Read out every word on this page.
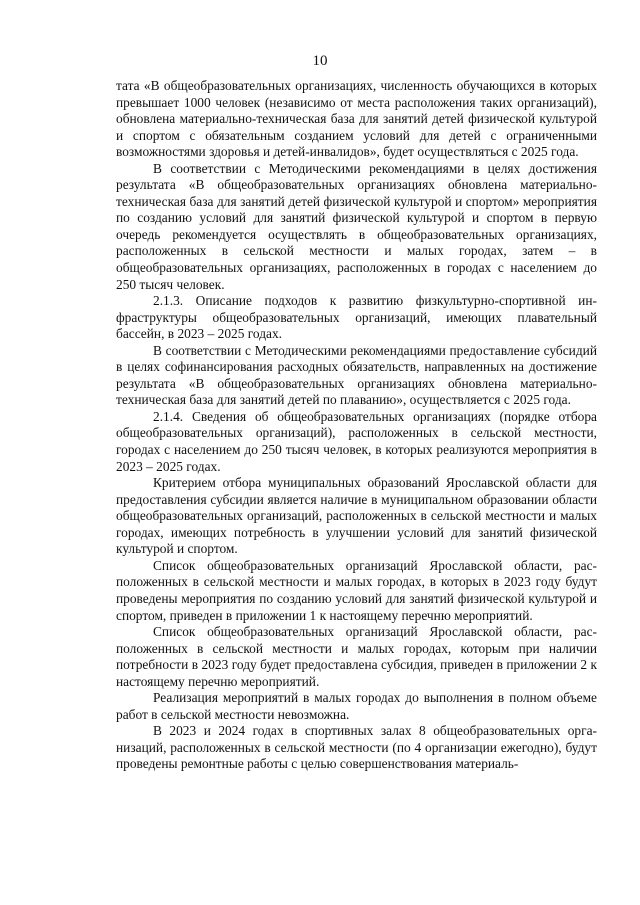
10

тата «В общеобразовательных организациях, численность обучающихся в которых превышает 1000 человек (независимо от места расположения таких организаций), обновлена материально-техническая база для занятий детей физической культурой и спортом с обязательным созданием условий для детей с ограниченными возможностями здоровья и детей-инвалидов», будет осуществляться с 2025 года.

В соответствии с Методическими рекомендациями в целях достижения результата «В общеобразовательных организациях обновлена материально-техническая база для занятий детей физической культурой и спортом» мероприятия по созданию условий для занятий физической культурой и спортом в первую очередь рекомендуется осуществлять в общеобразовательных организациях, расположенных в сельской местности и малых городах, затем – в общеобразовательных организациях, расположенных в городах с населением до 250 тысяч человек.

2.1.3. Описание подходов к развитию физкультурно-спортивной инфраструктуры общеобразовательных организаций, имеющих плавательный бассейн, в 2023 – 2025 годах.

В соответствии с Методическими рекомендациями предоставление субсидий в целях софинансирования расходных обязательств, направленных на достижение результата «В общеобразовательных организациях обновлена материально-техническая база для занятий детей по плаванию», осуществляется с 2025 года.

2.1.4. Сведения об общеобразовательных организациях (порядке отбора общеобразовательных организаций), расположенных в сельской местности, городах с населением до 250 тысяч человек, в которых реализуются мероприятия в 2023 – 2025 годах.

Критерием отбора муниципальных образований Ярославской области для предоставления субсидии является наличие в муниципальном образовании области общеобразовательных организаций, расположенных в сельской местности и малых городах, имеющих потребность в улучшении условий для занятий физической культурой и спортом.

Список общеобразовательных организаций Ярославской области, расположенных в сельской местности и малых городах, в которых в 2023 году будут проведены мероприятия по созданию условий для занятий физической культурой и спортом, приведен в приложении 1 к настоящему перечню мероприятий.

Список общеобразовательных организаций Ярославской области, расположенных в сельской местности и малых городах, которым при наличии потребности в 2023 году будет предоставлена субсидия, приведен в приложении 2 к настоящему перечню мероприятий.

Реализация мероприятий в малых городах до выполнения в полном объеме работ в сельской местности невозможна.

В 2023 и 2024 годах в спортивных залах 8 общеобразовательных организаций, расположенных в сельской местности (по 4 организации ежегодно), будут проведены ремонтные работы с целью совершенствования материаль-
